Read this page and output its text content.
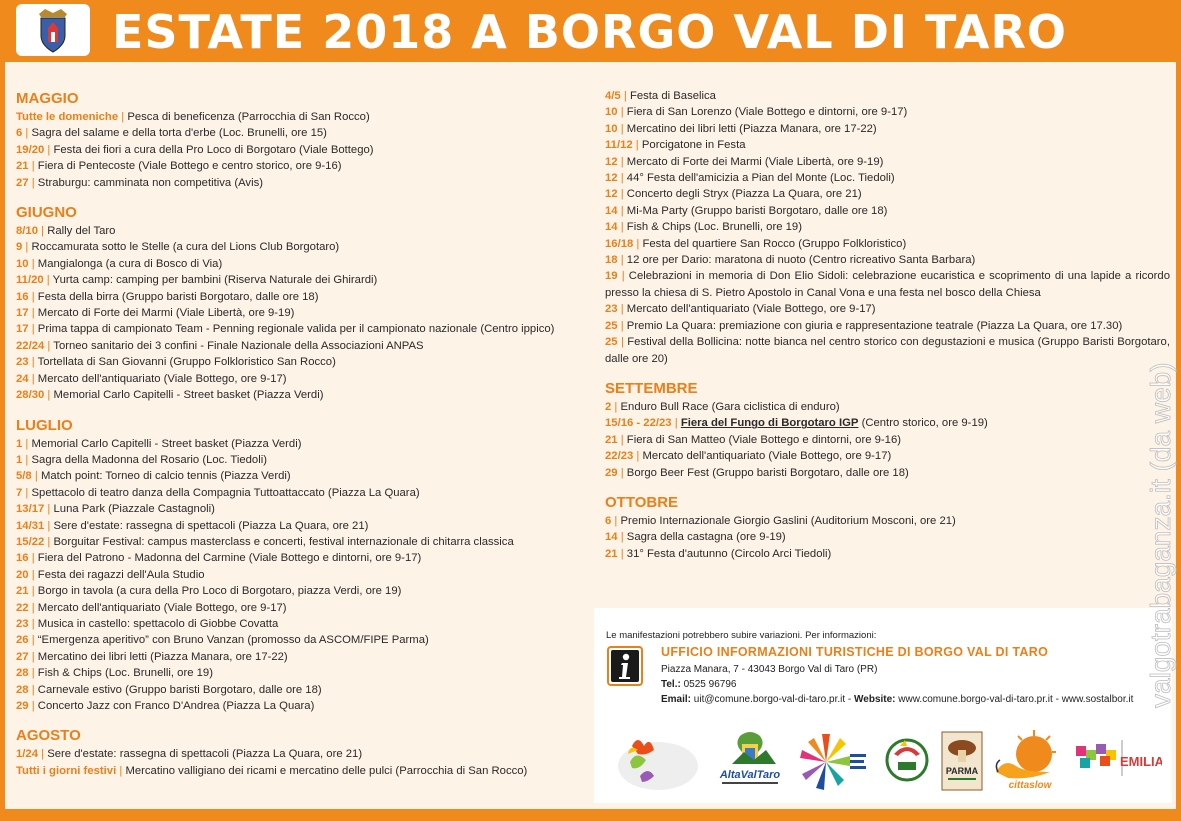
ESTATE 2018 A BORGO VAL DI TARO
MAGGIO
Tutte le domeniche | Pesca di beneficenza (Parrocchia di San Rocco)
6 | Sagra del salame e della torta d'erbe (Loc. Brunelli, ore 15)
19/20 | Festa dei fiori a cura della Pro Loco di Borgotaro (Viale Bottego)
21 | Fiera di Pentecoste (Viale Bottego e centro storico, ore 9-16)
27 | Straburgu: camminata non competitiva (Avis)
GIUGNO
8/10 | Rally del Taro
9 | Roccamurata sotto le Stelle (a cura del Lions Club Borgotaro)
10 | Mangialonga (a cura di Bosco di Via)
11/20 | Yurta camp: camping per bambini (Riserva Naturale dei Ghirardi)
16 | Festa della birra (Gruppo baristi Borgotaro, dalle ore 18)
17 | Mercato di Forte dei Marmi (Viale Libertà, ore 9-19)
17 | Prima tappa di campionato Team - Penning regionale valida per il campionato nazionale (Centro ippico)
22/24 | Torneo sanitario dei 3 confini - Finale Nazionale della Associazioni ANPAS
23 | Tortellata di San Giovanni (Gruppo Folkloristico San Rocco)
24 | Mercato dell'antiquariato (Viale Bottego, ore 9-17)
28/30 | Memorial Carlo Capitelli - Street basket (Piazza Verdi)
LUGLIO
1 | Memorial Carlo Capitelli - Street basket (Piazza Verdi)
1 | Sagra della Madonna del Rosario (Loc. Tiedoli)
5/8 | Match point: Torneo di calcio tennis (Piazza Verdi)
7 | Spettacolo di teatro danza della Compagnia Tuttoattaccato (Piazza La Quara)
13/17 | Luna Park (Piazzale Castagnoli)
14/31 | Sere d'estate: rassegna di spettacoli (Piazza La Quara, ore 21)
15/22 | Borguitar Festival: campus masterclass e concerti, festival internazionale di chitarra classica
16 | Fiera del Patrono - Madonna del Carmine (Viale Bottego e dintorni, ore 9-17)
20 | Festa dei ragazzi dell'Aula Studio
21 | Borgo in tavola (a cura della Pro Loco di Borgotaro, piazza Verdi, ore 19)
22 | Mercato dell'antiquariato (Viale Bottego, ore 9-17)
23 | Musica in castello: spettacolo di Giobbe Covatta
26 | “Emergenza aperitivo” con Bruno Vanzan (promosso da ASCOM/FIPE Parma)
27 | Mercatino dei libri letti (Piazza Manara, ore 17-22)
28 | Fish & Chips (Loc. Brunelli, ore 19)
28 | Carnevale estivo (Gruppo baristi Borgotaro, dalle ore 18)
29 | Concerto Jazz con Franco D'Andrea (Piazza La Quara)
AGOSTO
1/24 | Sere d'estate: rassegna di spettacoli (Piazza La Quara, ore 21)
Tutti i giorni festivi | Mercatino valligiano dei ricami e mercatino delle pulci (Parrocchia di San Rocco)
4/5 | Festa di Baselica
10 | Fiera di San Lorenzo (Viale Bottego e dintorni, ore 9-17)
10 | Mercatino dei libri letti (Piazza Manara, ore 17-22)
11/12 | Porcigatone in Festa
12 | Mercato di Forte dei Marmi (Viale Libertà, ore 9-19)
12 | 44° Festa dell'amicizia a Pian del Monte (Loc. Tiedoli)
12 | Concerto degli Stryx (Piazza La Quara, ore 21)
14 | Mi-Ma Party (Gruppo baristi Borgotaro, dalle ore 18)
14 | Fish & Chips (Loc. Brunelli, ore 19)
16/18 | Festa del quartiere San Rocco (Gruppo Folkloristico)
18 | 12 ore per Dario: maratona di nuoto (Centro ricreativo Santa Barbara)
19 | Celebrazioni in memoria di Don Elio Sidoli: celebrazione eucaristica e scoprimento di una lapide a ricordo presso la chiesa di S. Pietro Apostolo in Canal Vona e una festa nel bosco della Chiesa
23 | Mercato dell'antiquariato (Viale Bottego, ore 9-17)
25 | Premio La Quara: premiazione con giuria e rappresentazione teatrale (Piazza La Quara, ore 17.30)
25 | Festival della Bollicina: notte bianca nel centro storico con degustazioni e musica (Gruppo Baristi Borgotaro, dalle ore 20)
SETTEMBRE
2 | Enduro Bull Race (Gara ciclistica di enduro)
15/16 - 22/23 | Fiera del Fungo di Borgotaro IGP (Centro storico, ore 9-19)
21 | Fiera di San Matteo (Viale Bottego e dintorni, ore 9-16)
22/23 | Mercato dell'antiquariato (Viale Bottego, ore 9-17)
29 | Borgo Beer Fest (Gruppo baristi Borgotaro, dalle ore 18)
OTTOBRE
6 | Premio Internazionale Giorgio Gaslini (Auditorium Mosconi, ore 21)
14 | Sagra della castagna (ore 9-19)
21 | 31° Festa d'autunno (Circolo Arci Tiedoli)
Le manifestazioni potrebbero subire variazioni. Per informazioni:
UFFICIO INFORMAZIONI TURISTICHE DI BORGO VAL DI TARO
Piazza Manara, 7 - 43043 Borgo Val di Taro (PR)
Tel.: 0525 96796
Email: uit@comune.borgo-val-di-taro.pr.it - Website: www.comune.borgo-val-di-taro.pr.it - www.sostalbor.it
AltaValTaro	PARMA
cittaslow
EMILIA
valgotrabaganza.it (da web)
